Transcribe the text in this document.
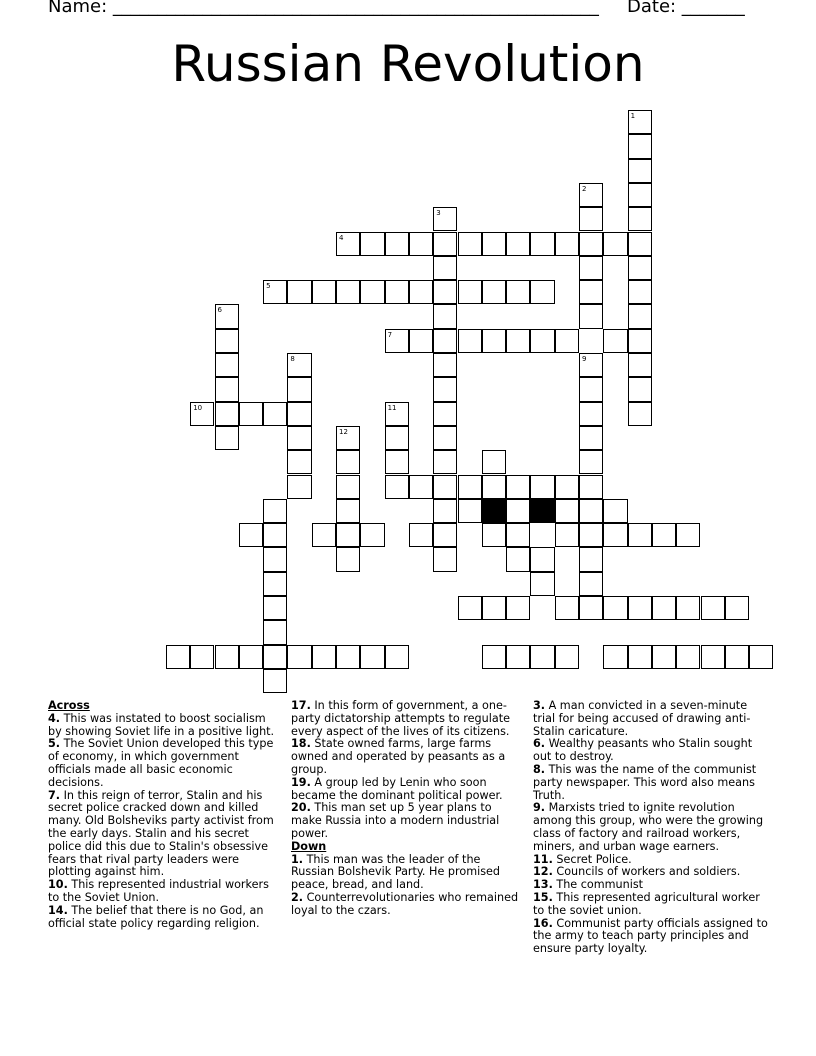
Name: ______________________________________________________ Date: _______
Russian Revolution
1
2
3
4
5
6
7
8	9
10	11
12
Across
4. This was instated to boost socialism by showing Soviet life in a positive light.
5. The Soviet Union developed this type of economy, in which government officials made all basic economic decisions.
7. In this reign of terror, Stalin and his secret police cracked down and killed many. Old Bolsheviks party activist from the early days. Stalin and his secret police did this due to Stalin's obsessive fears that rival party leaders were plotting against him.
10. This represented industrial workers to the Soviet Union.
14. The belief that there is no God, an official state policy regarding religion.
17. In this form of government, a one-party dictatorship attempts to regulate every aspect of the lives of its citizens.
18. State owned farms, large farms owned and operated by peasants as a group.
19. A group led by Lenin who soon became the dominant political power.
20. This man set up 5 year plans to make Russia into a modern industrial power.
Down
1. This man was the leader of the Russian Bolshevik Party. He promised peace, bread, and land.
2. Counterrevolutionaries who remained loyal to the czars.
3. A man convicted in a seven-minute trial for being accused of drawing anti-Stalin caricature.
6. Wealthy peasants who Stalin sought out to destroy.
8. This was the name of the communist party newspaper. This word also means Truth.
9. Marxists tried to ignite revolution among this group, who were the growing class of factory and railroad workers, miners, and urban wage earners.
11. Secret Police.
12. Councils of workers and soldiers.
13. The communist
15. This represented agricultural worker to the soviet union.
16. Communist party officials assigned to the army to teach party principles and ensure party loyalty.
